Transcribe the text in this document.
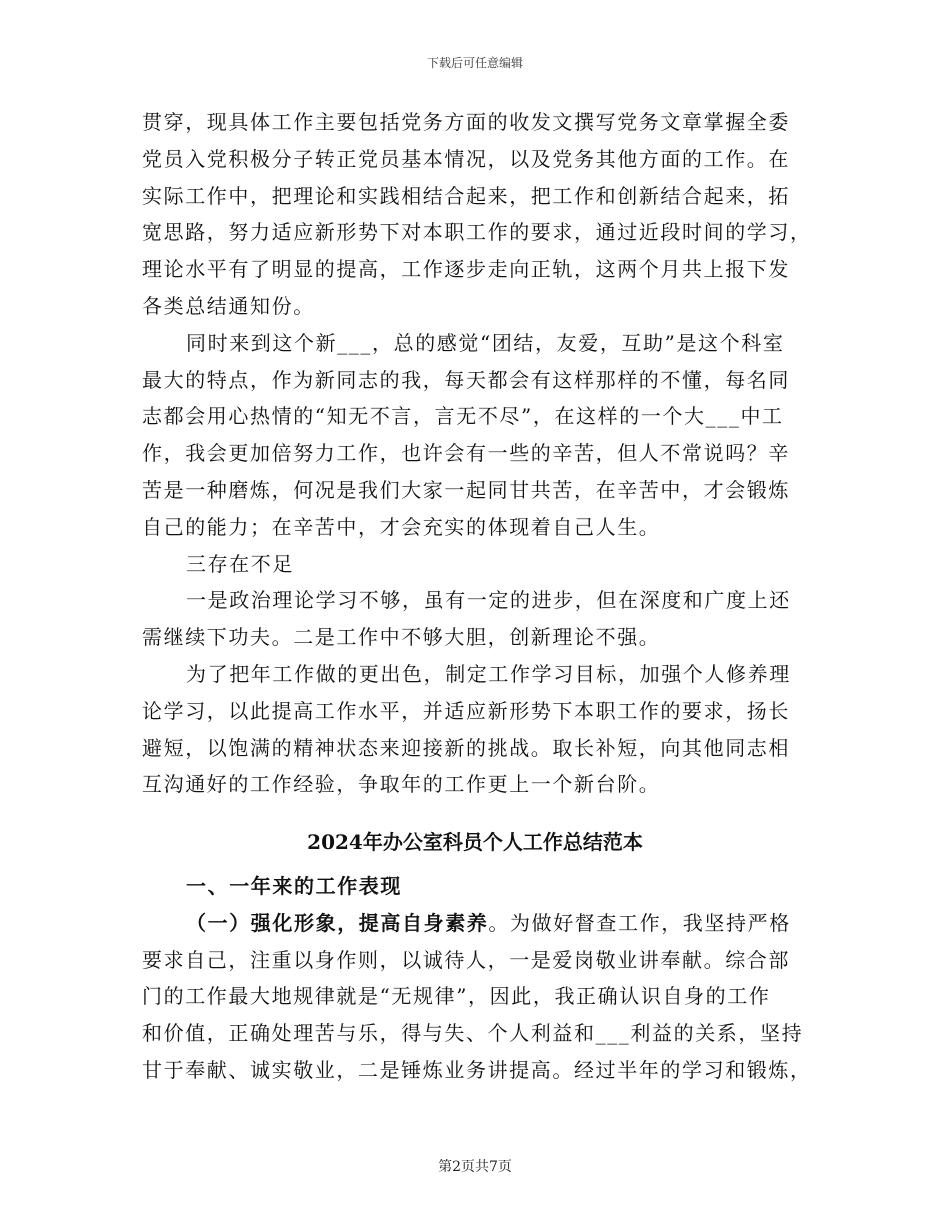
下载后可任意编辑
贯穿，现具体工作主要包括党务方面的收发文撰写党务文章掌握全委
党员入党积极分子转正党员基本情况，以及党务其他方面的工作。在
实际工作中，把理论和实践相结合起来，把工作和创新结合起来，拓
宽思路，努力适应新形势下对本职工作的要求，通过近段时间的学习，
理论水平有了明显的提高，工作逐步走向正轨，这两个月共上报下发
各类总结通知份。
同时来到这个新___，总的感觉“团结，友爱，互助”是这个科室
最大的特点，作为新同志的我，每天都会有这样那样的不懂，每名同
志都会用心热情的“知无不言，言无不尽”，在这样的一个大___中工
作，我会更加倍努力工作，也许会有一些的辛苦，但人不常说吗？辛
苦是一种磨炼，何况是我们大家一起同甘共苦，在辛苦中，才会锻炼
自己的能力；在辛苦中，才会充实的体现着自己人生。
三存在不足
一是政治理论学习不够，虽有一定的进步，但在深度和广度上还
需继续下功夫。二是工作中不够大胆，创新理论不强。
为了把年工作做的更出色，制定工作学习目标，加强个人修养理
论学习，以此提高工作水平，并适应新形势下本职工作的要求，扬长
避短，以饱满的精神状态来迎接新的挑战。取长补短，向其他同志相
互沟通好的工作经验，争取年的工作更上一个新台阶。
2024年办公室科员个人工作总结范本
一、一年来的工作表现
（一）强化形象，提高自身素养。为做好督查工作，我坚持严格
要求自己，注重以身作则，以诚待人，一是爱岗敬业讲奉献。综合部
门的工作最大地规律就是“无规律”，因此，我正确认识自身的工作
和价值，正确处理苦与乐，得与失、个人利益和___利益的关系，坚持
甘于奉献、诚实敬业，二是锤炼业务讲提高。经过半年的学习和锻炼，
第2页共7页
